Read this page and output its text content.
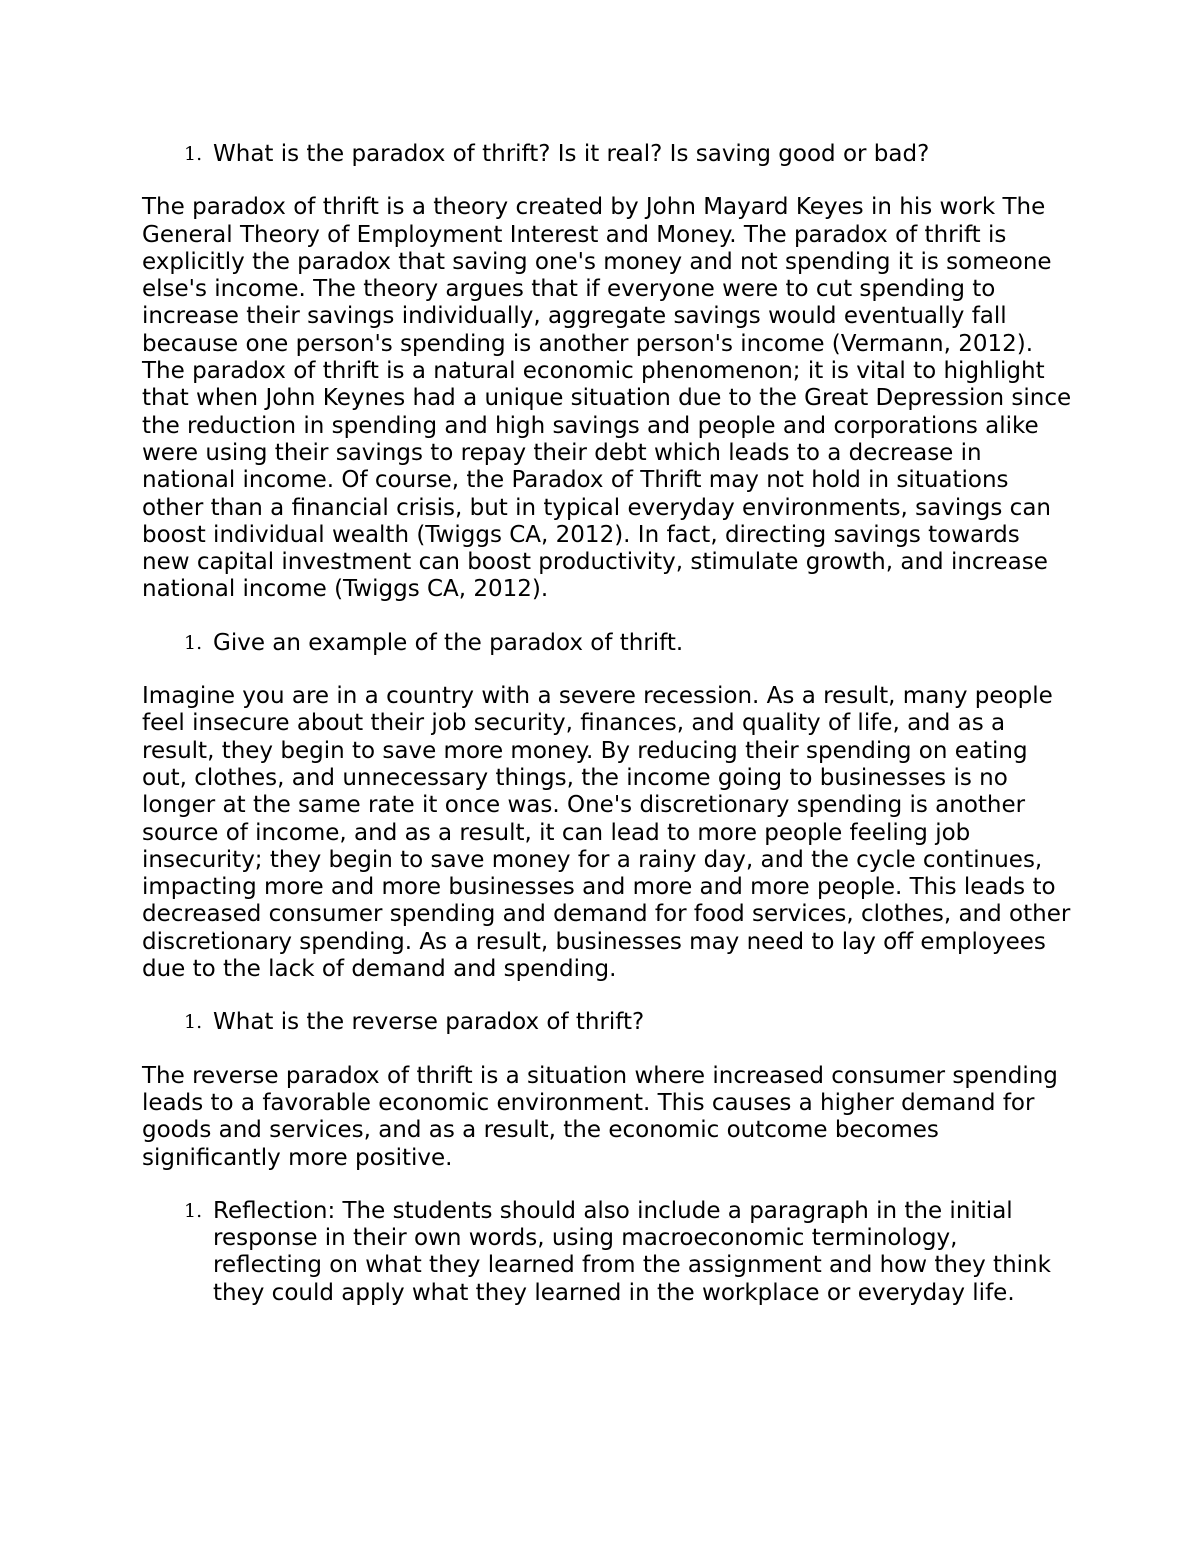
1. What is the paradox of thrift? Is it real? Is saving good or bad?

The paradox of thrift is a theory created by John Mayard Keyes in his work The General Theory of Employment Interest and Money. The paradox of thrift is explicitly the paradox that saving one's money and not spending it is someone else's income. The theory argues that if everyone were to cut spending to increase their savings individually, aggregate savings would eventually fall because one person's spending is another person's income (Vermann, 2012). The paradox of thrift is a natural economic phenomenon; it is vital to highlight that when John Keynes had a unique situation due to the Great Depression since the reduction in spending and high savings and people and corporations alike were using their savings to repay their debt which leads to a decrease in national income. Of course, the Paradox of Thrift may not hold in situations other than a financial crisis, but in typical everyday environments, savings can boost individual wealth (Twiggs CA, 2012). In fact, directing savings towards new capital investment can boost productivity, stimulate growth, and increase national income (Twiggs CA, 2012).

1. Give an example of the paradox of thrift.

Imagine you are in a country with a severe recession. As a result, many people feel insecure about their job security, finances, and quality of life, and as a result, they begin to save more money. By reducing their spending on eating out, clothes, and unnecessary things, the income going to businesses is no longer at the same rate it once was. One's discretionary spending is another source of income, and as a result, it can lead to more people feeling job insecurity; they begin to save money for a rainy day, and the cycle continues, impacting more and more businesses and more and more people. This leads to decreased consumer spending and demand for food services, clothes, and other discretionary spending. As a result, businesses may need to lay off employees due to the lack of demand and spending.

1. What is the reverse paradox of thrift?

The reverse paradox of thrift is a situation where increased consumer spending leads to a favorable economic environment. This causes a higher demand for goods and services, and as a result, the economic outcome becomes significantly more positive.

1. Reflection: The students should also include a paragraph in the initial response in their own words, using macroeconomic terminology, reflecting on what they learned from the assignment and how they think they could apply what they learned in the workplace or everyday life.
